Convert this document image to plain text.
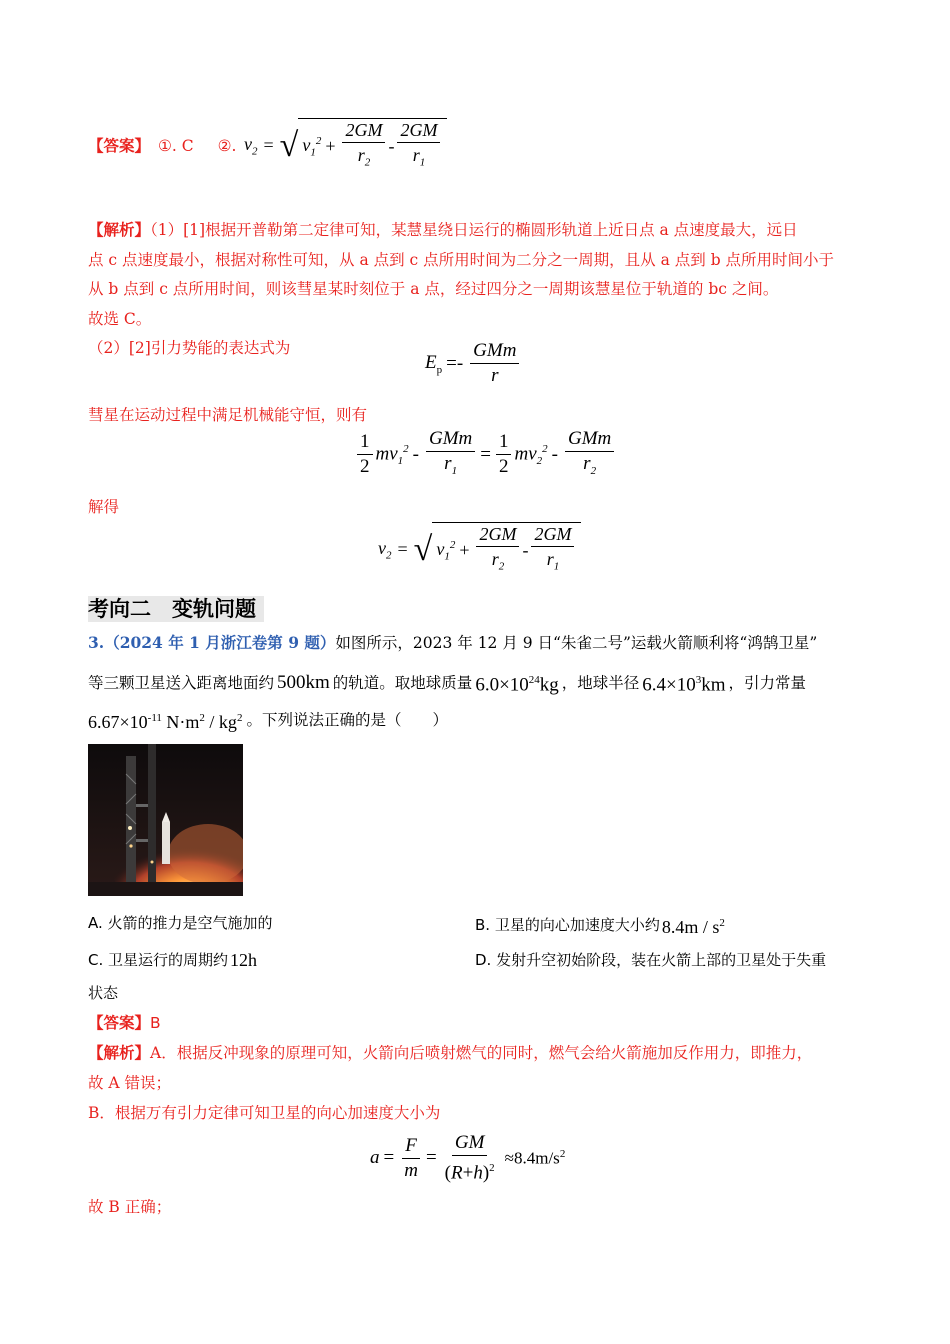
【答案】 ①. C ②. $v_2$ = √ $v_1^2 + \frac{2GM}{r_2} - \frac{2GM}{r_1}$
【解析】（1）[1]根据开普勒第二定律可知，某慧星绕日运行的椭圆形轨道上近日点 a 点速度最大，远日
点 c 点速度最小，根据对称性可知，从 a 点到 c 点所用时间为二分之一周期，且从 a 点到 b 点所用时间小于
从 b 点到 c 点所用时间，则该彗星某时刻位于 a 点，经过四分之一周期该慧星位于轨道的 bc 之间。
故选 C。
（2）[2]引力势能的表达式为
$E_p =- \frac{\text{GMm}}{r}$
彗星在运动过程中满足机械能守恒，则有
$\frac{1}{2} mv_1^2 - \frac{\text{GMm}}{r_1} = \frac{1}{2} mv_2^2 - \frac{\text{GMm}}{r_2}$
解得
$v_2$ = √ $v_1^2 + \frac{2GM}{r_2} - \frac{2GM}{r_1}$
考向二　变轨问题
3.（2024 年 1 月浙江卷第 9 题）如图所示，2023 年 12 月 9 日“朱雀二号”运载火箭顺利将“鸿鹄卫星”
等三颗卫星送入距离地面约 500km 的轨道。取地球质量 $6.0\times 10^{24}kg$ ，地球半径 $6.4\times 10^3km$ ，引力常量
$6.67\times 10^{-11}$ $N\cdot m^2 / kg^2$ 。下列说法正确的是（　　）
A. 火箭的推力是空气施加的	B. 卫星的向心加速度大小约 $8.4m / s^2$
C. 卫星运行的周期约 12h	D. 发射升空初始阶段，装在火箭上部的卫星处于失重
状态
【答案】B
【解析】A．根据反冲现象的原理可知，火箭向后喷射燃气的同时，燃气会给火箭施加反作用力，即推力，
故 A 错误；
B．根据万有引力定律可知卫星的向心加速度大小为
$a = \frac{F}{m} = \frac{GM}{(R+h)^2} \approx 8.4m/s^2$
故 B 正确；
